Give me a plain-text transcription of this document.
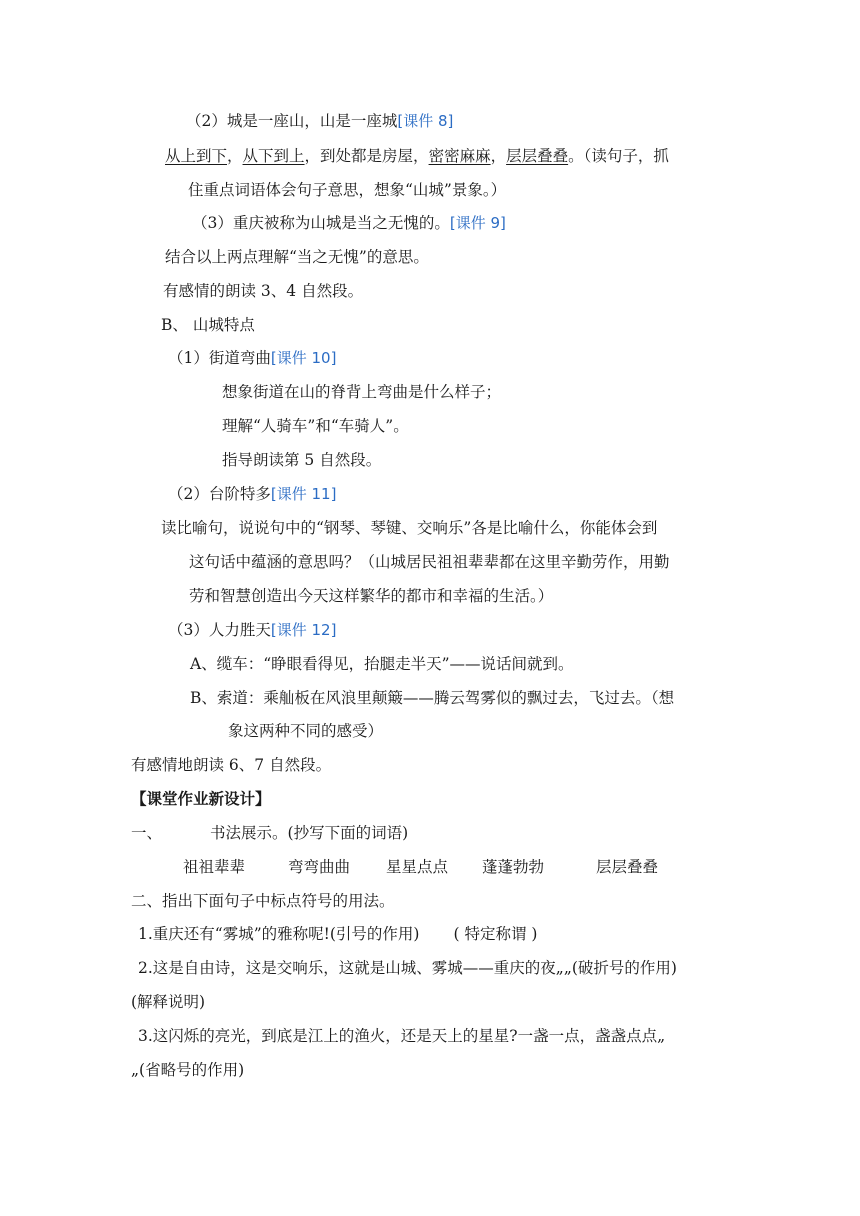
（2）城是一座山，山是一座城[课件 8]
从上到下，从下到上，到处都是房屋，密密麻麻，层层叠叠。（读句子，抓
住重点词语体会句子意思，想象“山城”景象。）
（3）重庆被称为山城是当之无愧的。[课件 9]
结合以上两点理解“当之无愧”的意思。
有感情的朗读 3、4 自然段。
B、 山城特点
（1）街道弯曲[课件 10]
想象街道在山的脊背上弯曲是什么样子；
理解“人骑车”和“车骑人”。
指导朗读第 5 自然段。
（2）台阶特多[课件 11]
读比喻句，说说句中的“钢琴、琴键、交响乐”各是比喻什么，你能体会到
这句话中蕴涵的意思吗？（山城居民祖祖辈辈都在这里辛勤劳作，用勤
劳和智慧创造出今天这样繁华的都市和幸福的生活。）
（3）人力胜天[课件 12]
A、缆车：“睁眼看得见，抬腿走半天”——说话间就到。
B、索道：乘舢板在风浪里颠簸——腾云驾雾似的飘过去，飞过去。（想
象这两种不同的感受）
有感情地朗读 6、7 自然段。
【课堂作业新设计】
一、	书法展示。(抄写下面的词语)
祖祖辈辈	弯弯曲曲 星星点点 蓬蓬勃勃	层层叠叠
二、指出下面句子中标点符号的用法。
1.重庆还有“雾城”的雅称呢!(引号的作用) ( 特定称谓 )
2.这是自由诗，这是交响乐，这就是山城、雾城——重庆的夜„„(破折号的作用)
(解释说明)
3.这闪烁的亮光，到底是江上的渔火，还是天上的星星?一盏一点，盏盏点点„
„(省略号的作用)
